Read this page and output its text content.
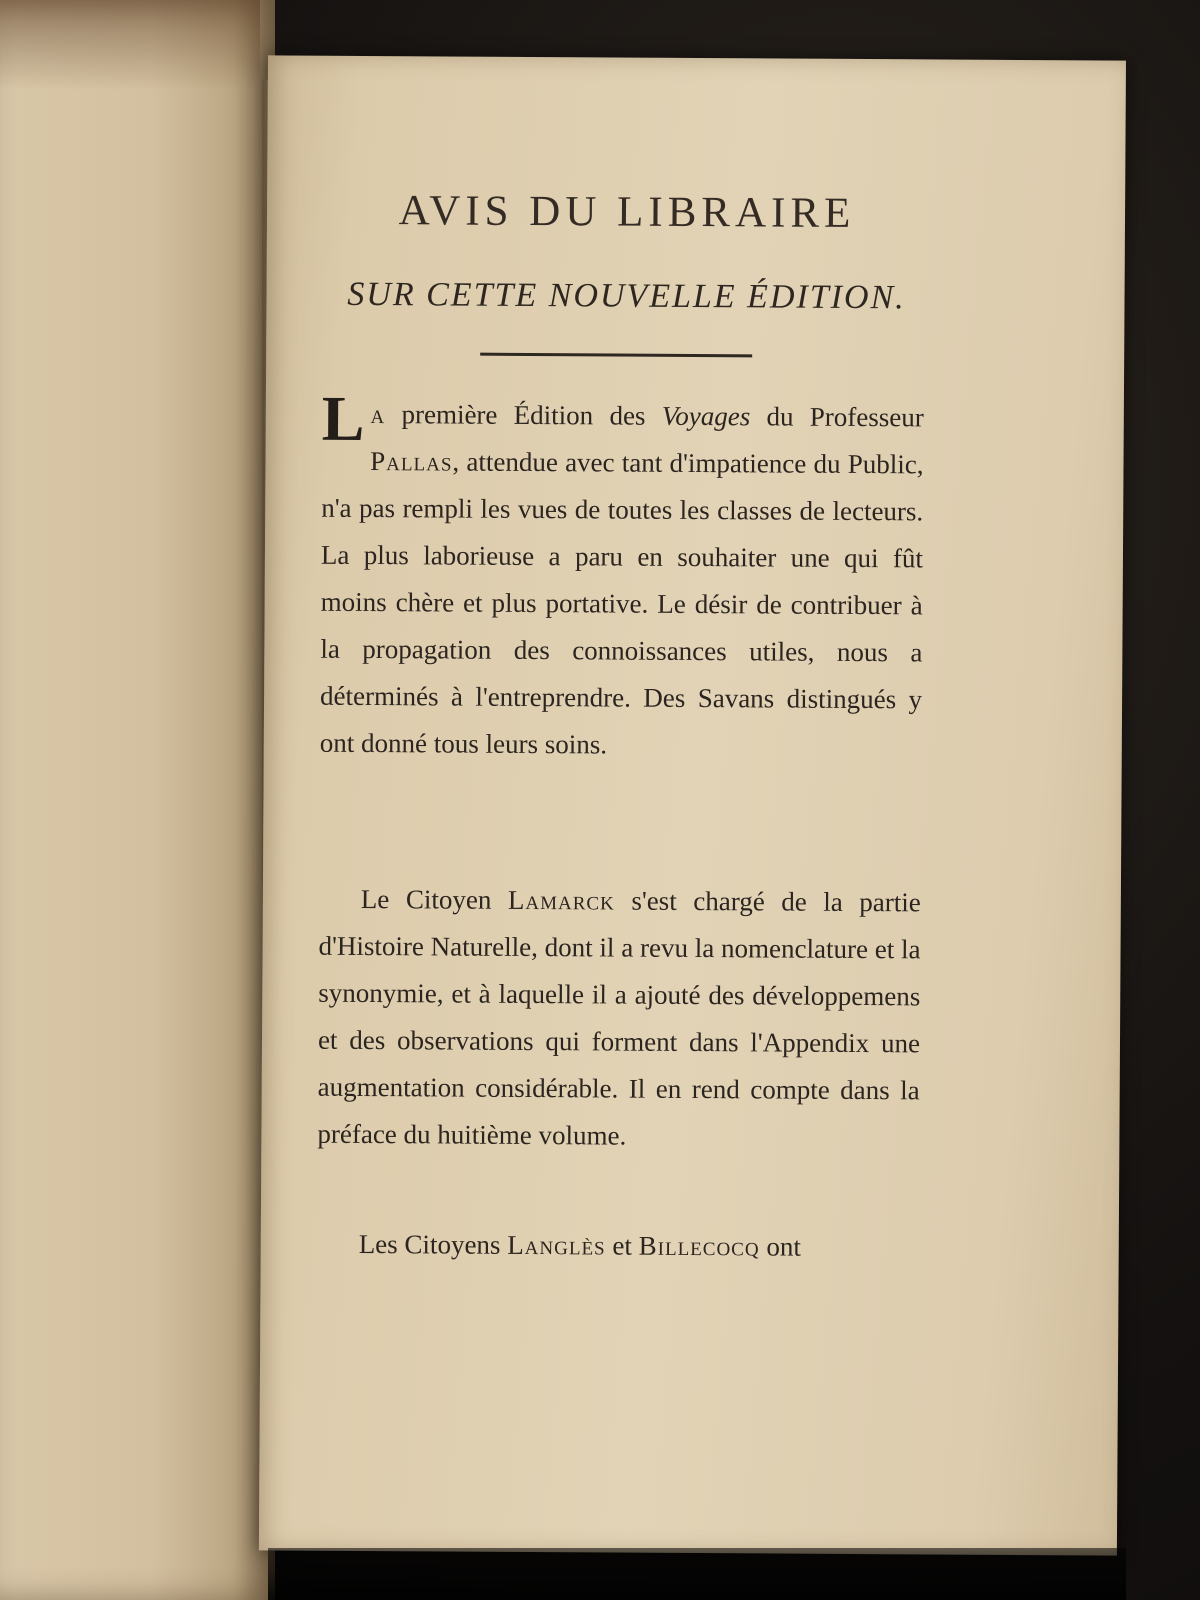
AVIS DU LIBRAIRE
SUR CETTE NOUVELLE ÉDITION.

La première Édition des Voyages du Professeur Pallas, attendue avec tant d'impatience du Public, n'a pas rempli les vues de toutes les classes de lecteurs. La plus laborieuse a paru en souhaiter une qui fût moins chère et plus portative. Le désir de contribuer à la propagation des connoissances utiles, nous a déterminés à l'entreprendre. Des Savans distingués y ont donné tous leurs soins.

Le Citoyen Lamarck s'est chargé de la partie d'Histoire Naturelle, dont il a revu la nomenclature et la synonymie, et à laquelle il a ajouté des développemens et des observations qui forment dans l'Appendix une augmentation considérable. Il en rend compte dans la préface du huitième volume.

Les Citoyens Langlès et Billecocq ont
